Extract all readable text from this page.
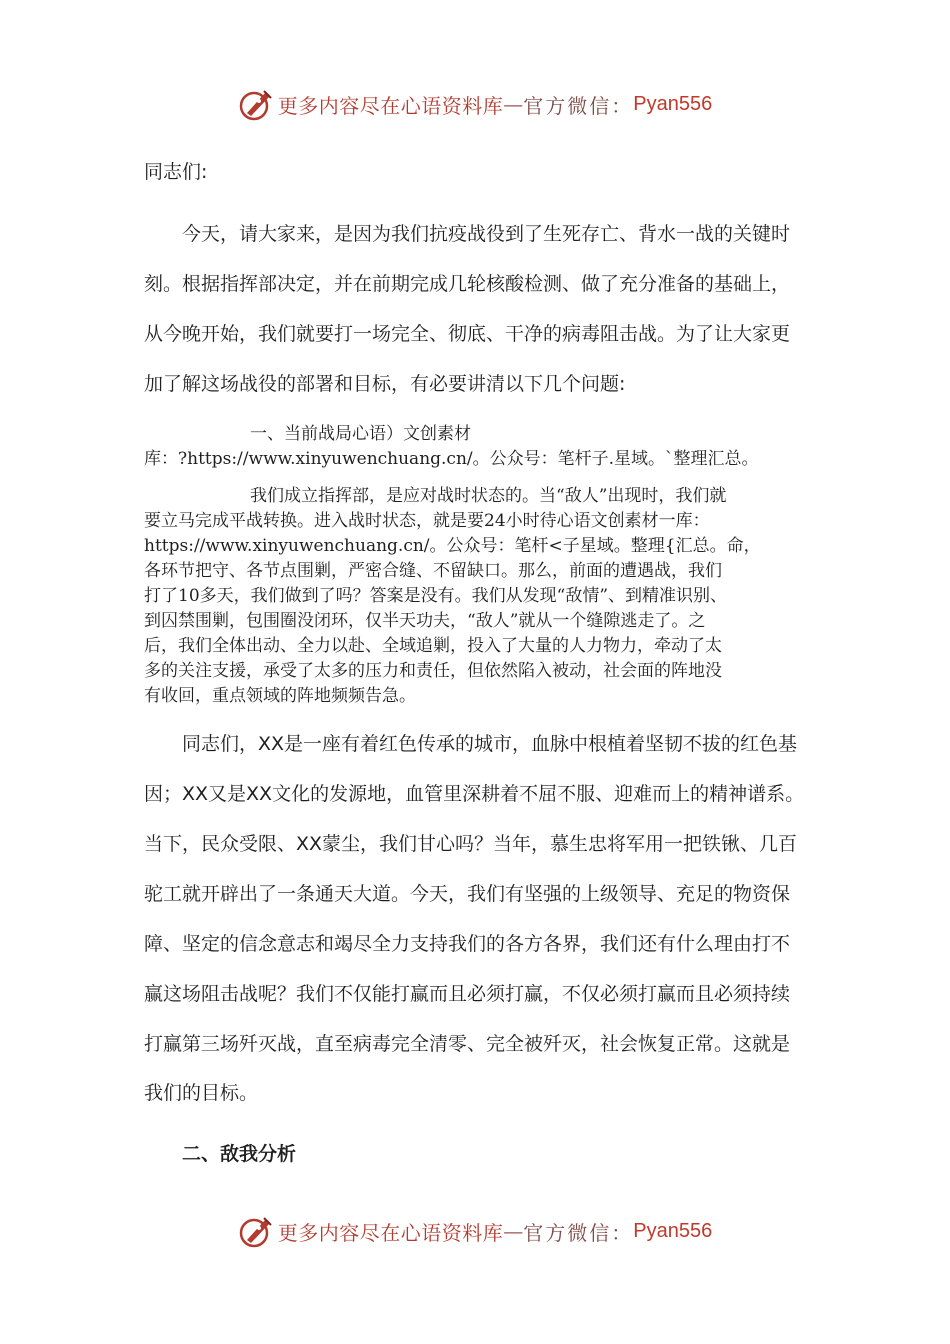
更多内容尽在心语资料库 — 官方微信： Pyan556

同志们:

今天，请大家来，是因为我们抗疫战役到了生死存亡、背水一战的关键时

刻。根据指挥部决定，并在前期完成几轮核酸检测、做了充分准备的基础上，

从今晚开始，我们就要打一场完全、彻底、干净的病毒阻击战。为了让大家更

加了解这场战役的部署和目标，有必要讲清以下几个问题:

一、当前战局心语）文创素材

库：?https://www.xinyuwenchuang.cn/。公众号：笔杆子.星域。`整理汇总。

我们成立指挥部，是应对战时状态的。当“敌人”出现时，我们就

要立马完成平战转换。进入战时状态，就是要24小时待心语文创素材一库：

https://www.xinyuwenchuang.cn/。公众号：笔杆<子星域。整理{汇总。命，

各环节把守、各节点围剿，严密合缝、不留缺口。那么，前面的遭遇战，我们

打了10多天，我们做到了吗？答案是没有。我们从发现“敌情”、到精准识别、

到囚禁围剿，包围圈没闭环，仅半天功夫，“敌人”就从一个缝隙逃走了。之

后，我们全体出动、全力以赴、全域追剿，投入了大量的人力物力，牵动了太

多的关注支援，承受了太多的压力和责任，但依然陷入被动，社会面的阵地没

有收回，重点领域的阵地频频告急。

同志们，XX是一座有着红色传承的城市，血脉中根植着坚韧不拔的红色基

因；XX又是XX文化的发源地，血管里深耕着不屈不服、迎难而上的精神谱系。

当下，民众受限、XX蒙尘，我们甘心吗？当年，慕生忠将军用一把铁锹、几百

驼工就开辟出了一条通天大道。今天，我们有坚强的上级领导、充足的物资保

障、坚定的信念意志和竭尽全力支持我们的各方各界，我们还有什么理由打不

赢这场阻击战呢？我们不仅能打赢而且必须打赢，不仅必须打赢而且必须持续

打赢第三场歼灭战，直至病毒完全清零、完全被歼灭，社会恢复正常。这就是

我们的目标。

二、敌我分析

更多内容尽在心语资料库 — 官方微信： Pyan556
